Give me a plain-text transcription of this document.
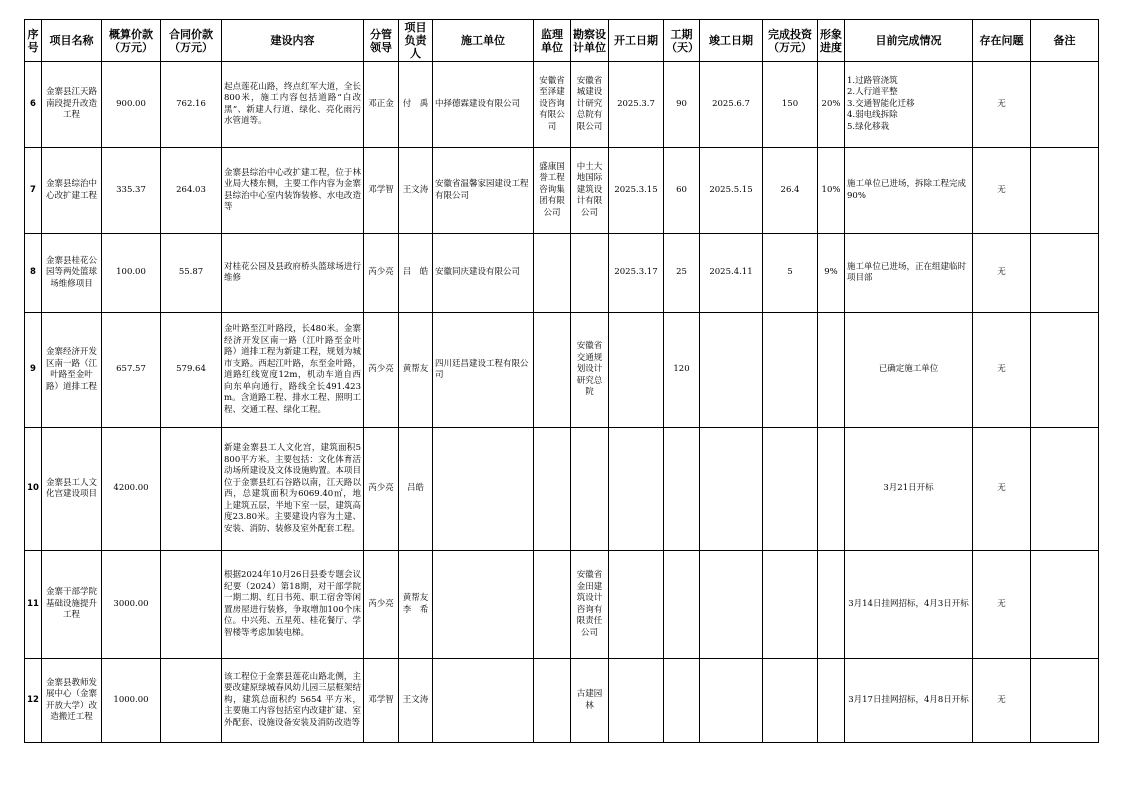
序号	项目名称	概算价款（万元）	合同价款（万元）	建设内容	分管领导	项目负责人	施工单位	监理单位	勘察设计单位	开工日期	工期（天）	竣工日期	完成投资（万元）	形象进度	目前完成情况	存在问题	备注
6	金寨县江天路南段提升改造工程	900.00	762.16	起点莲花山路，终点红军大道，全长800米，施工内容包括道路“白改黑”、新建人行道、绿化、亮化雨污水管道等。	邓正金	付　禹	中择德霖建设有限公司	安徽省至泽建设咨询有限公司	安徽省城建设计研究总院有限公司	2025.3.7	90	2025.6.7	150	20%	1.过路管浇筑
2.人行道平整
3.交通智能化迁移
4.弱电线拆除
5.绿化移栽	无	
7	金寨县综治中心改扩建工程	335.37	264.03	金寨县综治中心改扩建工程，位于林业局大楼东侧，主要工作内容为金寨县综治中心室内装饰装修、水电改造等	邓学智	王文涛	安徽省温馨家园建设工程有限公司	盛康国誉工程咨询集团有限公司	中土大地国际建筑设计有限公司	2025.3.15	60	2025.5.15	26.4	10%	施工单位已进场，拆除工程完成90%	无	
8	金寨县桂花公园等两处篮球场维修项目	100.00	55.87	对桂花公园及县政府桥头篮球场进行维修	芮少亮	吕　皓	安徽同庆建设有限公司			2025.3.17	25	2025.4.11	5	9%	施工单位已进场，正在组建临时项目部	无	
9	金寨经济开发区南一路（江叶路至金叶路）道排工程	657.57	579.64	金叶路至江叶路段，长480米。金寨经济开发区南一路（江叶路至金叶路）道排工程为新建工程，规划为城市支路。西起江叶路，东至金叶路，道路红线宽度12m，机动车道自西向东单向通行，路线全长491.423m。含道路工程、排水工程、照明工程、交通工程、绿化工程。	芮少亮	黄帮友	四川廷昌建设工程有限公司		安徽省交通规划设计研究总院		120				已确定施工单位	无	
10	金寨县工人文化宫建设项目	4200.00		新建金寨县工人文化宫，建筑面积5800平方米。主要包括：文化体育活动场所建设及文体设施购置。本项目位于金寨县红石谷路以南，江天路以西，总建筑面积为6069.40㎡，地上建筑五层，半地下室一层，建筑高度23.80米。主要建设内容为土建、安装、消防、装修及室外配套工程。	芮少亮	吕皓									3月21日开标	无	
11	金寨干部学院基础设施提升工程	3000.00		根据2024年10月26日县委专题会议纪要（2024）第18期，对干部学院一期二期、红日书苑、职工宿舍等闲置房屋进行装修，争取增加100个床位。中兴苑、五星苑、桂花餐厅、学智楼等考虑加装电梯。	芮少亮	黄帮友
李　希			安徽省金田建筑设计咨询有限责任公司						3月14日挂网招标，4月3日开标	无	
12	金寨县教师发展中心（金寨开放大学）改造搬迁工程	1000.00		该工程位于金寨县莲花山路北侧，主要改建原绿城春风幼儿园三层框架结构，建筑总面积约 5654 平方米，主要施工内容包括室内改建扩建、室外配套、设施设备安装及消防改造等	邓学智	王文涛			古建园林						3月17日挂网招标，4月8日开标	无	
